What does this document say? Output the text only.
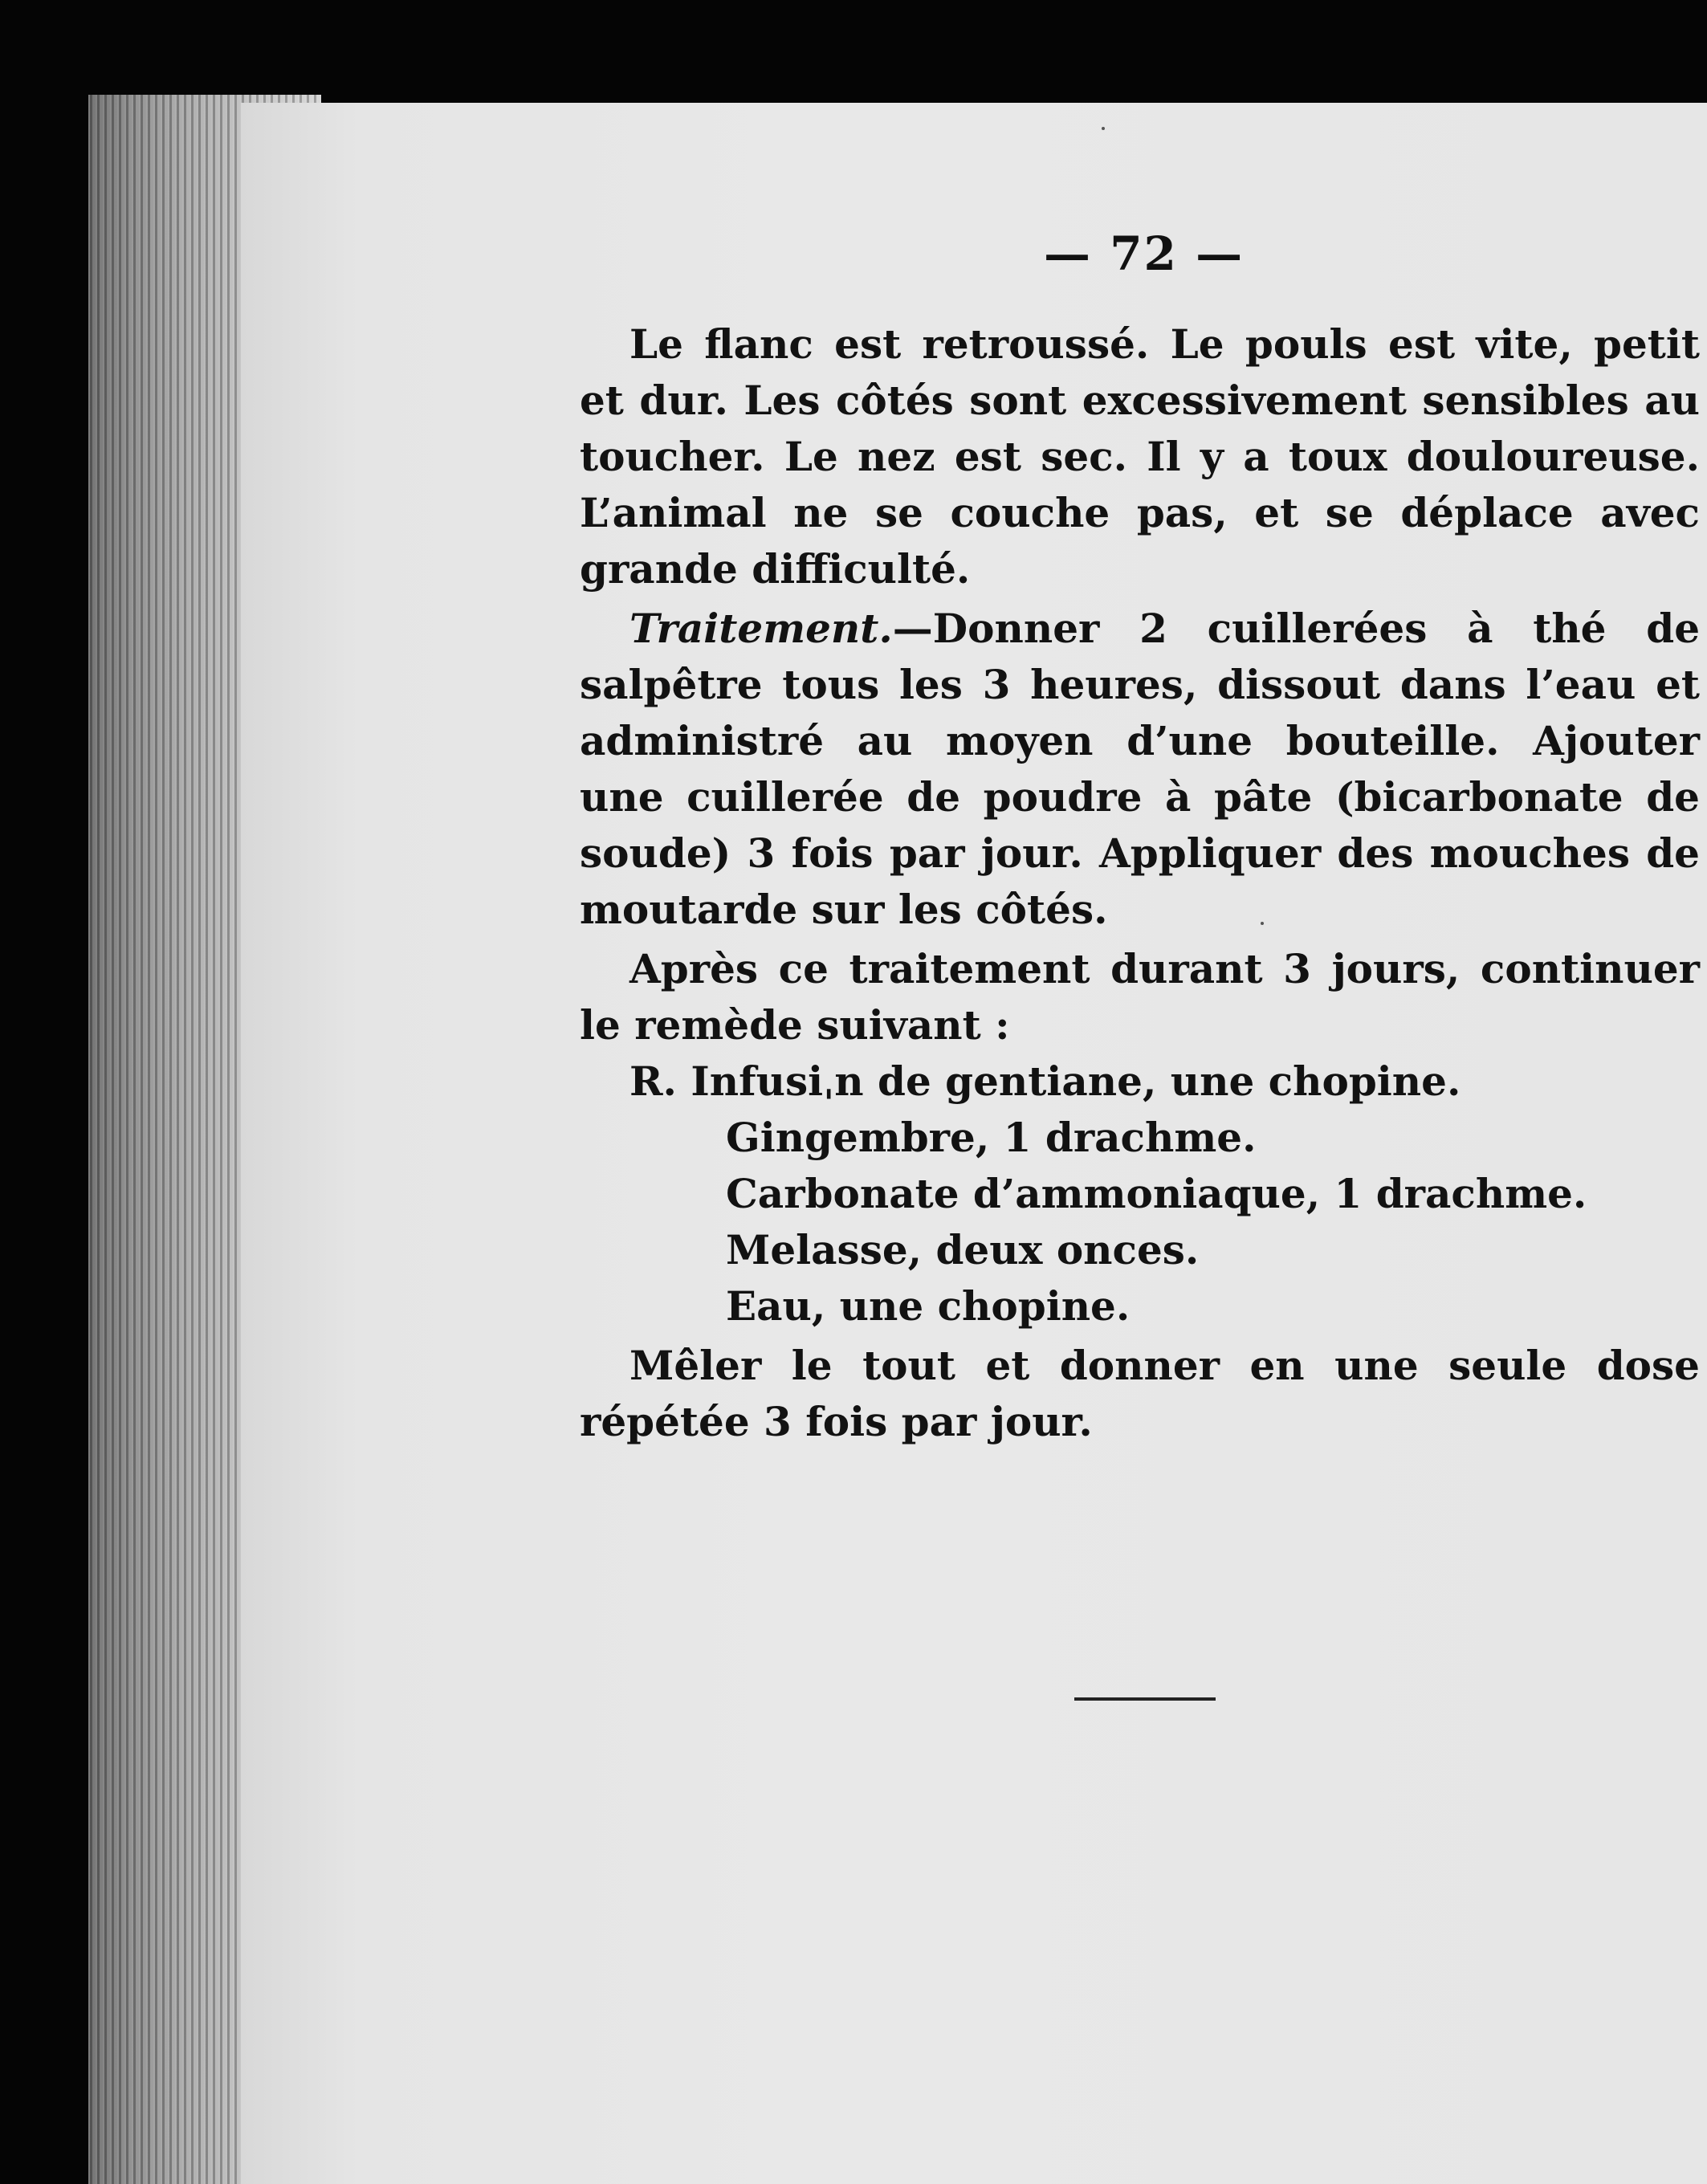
— 72 —

Le flanc est retroussé. Le pouls est vite, petit et dur. Les côtés sont excessivement sensibles au toucher. Le nez est sec. Il y a toux douloureuse. L’animal ne se couche pas, et se déplace avec grande difficulté.

Traitement.—Donner 2 cuillerées à thé de salpêtre tous les 3 heures, dissout dans l’eau et administré au moyen d’une bouteille. Ajouter une cuillerée de poudre à pâte (bicarbonate de soude) 3 fois par jour. Appliquer des mouches de moutarde sur les côtés.

Après ce traitement durant 3 jours, continuer le remède suivant :

R. Infusiˌn de gentiane, une chopine.
Gingembre, 1 drachme.
Carbonate d’ammoniaque, 1 drachme.
Melasse, deux onces.
Eau, une chopine.

Mêler le tout et donner en une seule dose répétée 3 fois par jour.
